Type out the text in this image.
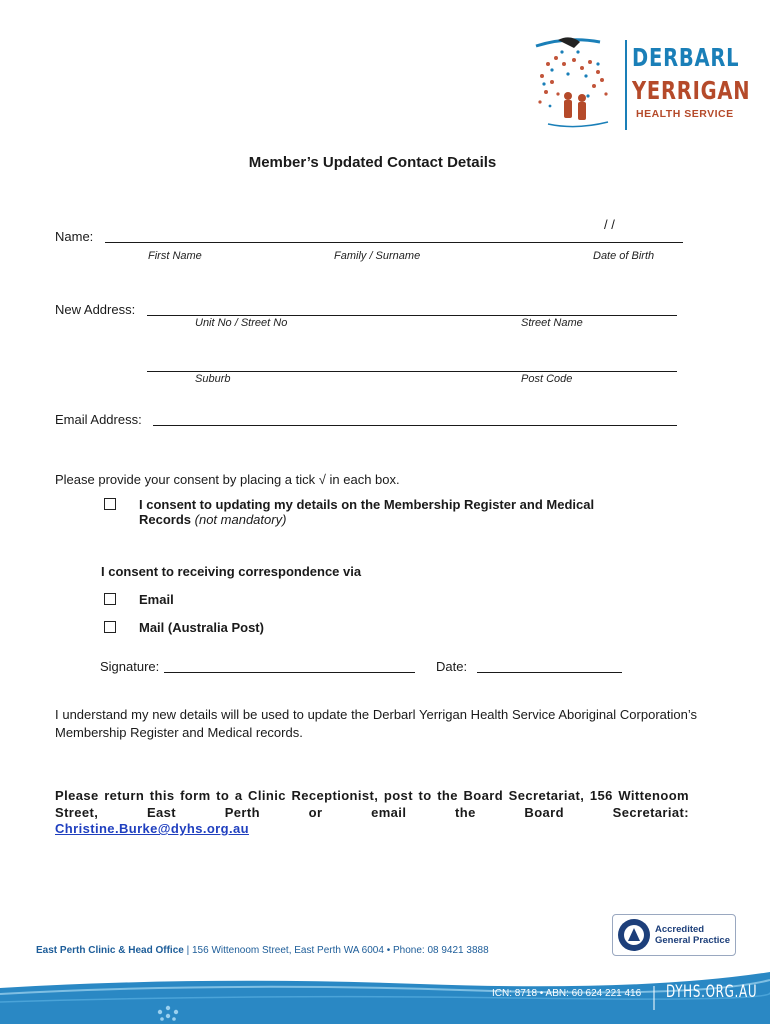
DERBARL
YERRIGAN
HEALTH SERVICE
Member’s Updated Contact Details
Name:
/ /
First Name	Family / Surname	Date of Birth
New Address:
Unit No / Street No	Street Name
Suburb	Post Code
Email Address:
Please provide your consent by placing a tick √ in each box.
I consent to updating my details on the Membership Register and Medical
Records (not mandatory)
I consent to receiving correspondence via
Email
Mail (Australia Post)
Signature:	Date:
I understand my new details will be used to update the Derbarl Yerrigan Health Service Aboriginal Corporation’s Membership Register and Medical records.
Please return this form to a Clinic Receptionist, post to the Board Secretariat, 156 Wittenoom Street, East Perth or email the Board Secretariat:
Christine.Burke@dyhs.org.au
East Perth Clinic & Head Office | 156 Wittenoom Street, East Perth WA 6004 • Phone: 08 9421 3888
Accredited
General Practice
ICN: 8718 • ABN: 60 624 221 416 DYHS.ORG.AU
